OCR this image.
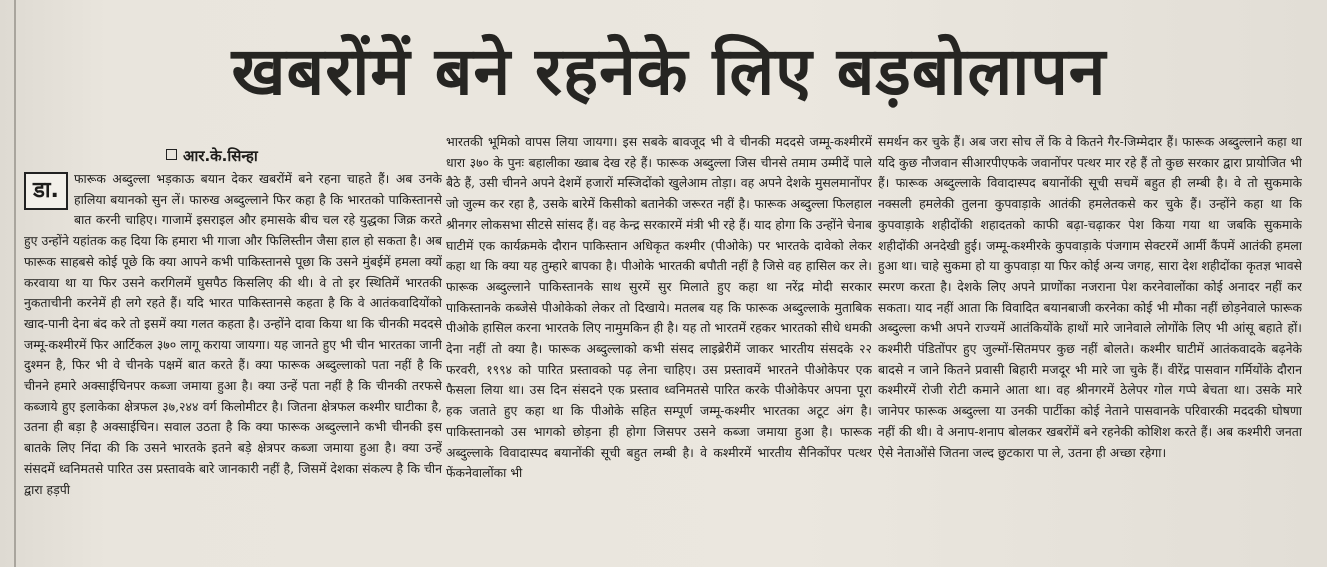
खबरोंमें बने रहनेके लिए बड़बोलापन
आर.के.सिन्हा
डा.	फारूक अब्दुल्ला भड़काऊ बयान देकर खबरोंमें बने रहना चाहते हैं। अब उनके हालिया बयानको सुन लें। फारुख अब्दुल्लाने फिर कहा है कि भारतको पाकिस्तानसे बात करनी चाहिए। गाजामें इसराइल और हमासके बीच चल रहे युद्धका जिक्र करते हुए उन्होंने यहांतक कह दिया कि हमारा भी गाजा और फिलिस्तीन जैसा हाल हो सकता है। अब फारूक साहबसे कोई पूछे कि क्या आपने कभी पाकिस्तानसे पूछा कि उसने मुंबईमें हमला क्यों करवाया था या फिर उसने करगिलमें घुसपैठ किसलिए की थी। वे तो इर स्थितिमें भारतकी नुकताचीनी करनेमें ही लगे रहते हैं। यदि भारत पाकिस्तानसे कहता है कि वे आतंकवादियोंको खाद-पानी देना बंद करे तो इसमें क्या गलत कहता है। उन्होंने दावा किया था कि चीनकी मददसे जम्मू-कश्मीरमें फिर आर्टिकल ३७० लागू कराया जायगा। यह जानते हुए भी चीन भारतका जानी दुश्मन है, फिर भी वे चीनके पक्षमें बात करते हैं। क्या फारूक अब्दुल्लाको पता नहीं है कि चीनने हमारे अक्साईचिनपर कब्जा जमाया हुआ है। क्या उन्हें पता नहीं है कि चीनकी तरफसे कब्जाये हुए इलाकेका क्षेत्रफल ३७,२४४ वर्ग किलोमीटर है। जितना क्षेत्रफल कश्मीर घाटीका है, उतना ही बड़ा है अक्साईचिन। सवाल उठता है कि क्या फारूक अब्दुल्लाने कभी चीनकी इस बातके लिए निंदा की कि उसने भारतके इतने बड़े क्षेत्रपर कब्जा जमाया हुआ है। क्या उन्हें संसदमें ध्वनिमतसे पारित उस प्रस्तावके बारे जानकारी नहीं है, जिसमें देशका संकल्प है कि चीन द्वारा हड़पी

भारतकी भूमिको वापस लिया जायगा। इस सबके बावजूद भी वे चीनकी मददसे जम्मू-कश्मीरमें धारा ३७० के पुनः बहालीका ख्वाब देख रहे हैं। फारूक अब्दुल्ला जिस चीनसे तमाम उम्मीदें पाले बैठे हैं, उसी चीनने अपने देशमें हजारों मस्जिदोंको खुलेआम तोड़ा। वह अपने देशके मुसलमानोंपर जो जुल्म कर रहा है, उसके बारेमें किसीको बतानेकी जरूरत नहीं है। फारूक अब्दुल्ला फिलहाल श्रीनगर लोकसभा सीटसे सांसद हैं। वह केन्द्र सरकारमें मंत्री भी रहे हैं। याद होगा कि उन्होंने चेनाब घाटीमें एक कार्यक्रमके दौरान पाकिस्तान अधिकृत कश्मीर (पीओके) पर भारतके दावेको लेकर कहा था कि क्या यह तुम्हारे बापका है। पीओके भारतकी बपौती नहीं है जिसे वह हासिल कर ले। फारूक अब्दुल्लाने पाकिस्तानके साथ सुरमें सुर मिलाते हुए कहा था नरेंद्र मोदी सरकार पाकिस्तानके कब्जेसे पीओकेको लेकर तो दिखाये। मतलब यह कि फारूक अब्दुल्लाके मुताबिक पीओके हासिल करना भारतके लिए नामुमकिन ही है। यह तो भारतमें रहकर भारतको सीधे धमकी देना नहीं तो क्या है। फारूक अब्दुल्लाको कभी संसद लाइब्रेरीमें जाकर भारतीय संसदके २२ फरवरी, १९९४ को पारित प्रस्तावको पढ़ लेना चाहिए। उस प्रस्तावमें भारतने पीओकेपर एक फैसला लिया था। उस दिन संसदने एक प्रस्ताव ध्वनिमतसे पारित करके पीओकेपर अपना पूरा हक जताते हुए कहा था कि पीओके सहित सम्पूर्ण जम्मू-कश्मीर भारतका अटूट अंग है। पाकिस्तानको उस भागको छोड़ना ही होगा जिसपर उसने कब्जा जमाया हुआ है। फारूक अब्दुल्लाके विवादास्पद बयानोंकी सूची बहुत लम्बी है। वे कश्मीरमें भारतीय सैनिकोंपर पत्थर फेंकनेवालोंका भी

समर्थन कर चुके हैं। अब जरा सोच लें कि वे कितने गैर-जिम्मेदार हैं। फारूक अब्दुल्लाने कहा था यदि कुछ नौजवान सीआरपीएफके जवानोंपर पत्थर मार रहे हैं तो कुछ सरकार द्वारा प्रायोजित भी हैं। फारूक अब्दुल्लाके विवादास्पद बयानोंकी सूची सचमें बहुत ही लम्बी है। वे तो सुकमाके नक्सली हमलेकी तुलना कुपवाड़ाके आतंकी हमलेतकसे कर चुके हैं। उन्होंने कहा था कि कुपवाड़ाके शहीदोंकी शहादतको काफी बढ़ा-चढ़ाकर पेश किया गया था जबकि सुकमाके शहीदोंकी अनदेखी हुई। जम्मू-कश्मीरके कुपवाड़ाके पंजगाम सेक्टरमें आर्मी कैंपमें आतंकी हमला हुआ था। चाहे सुकमा हो या कुपवाड़ा या फिर कोई अन्य जगह, सारा देश शहीदोंका कृतज्ञ भावसे स्मरण करता है। देशके लिए अपने प्राणोंका नजराना पेश करनेवालोंका कोई अनादर नहीं कर सकता। याद नहीं आता कि विवादित बयानबाजी करनेका कोई भी मौका नहीं छोड़नेवाले फारूक अब्दुल्ला कभी अपने राज्यमें आतंकियोंके हाथों मारे जानेवाले लोगोंके लिए भी आंसू बहाते हों। कश्मीरी पंडितोंपर हुए जुल्मों-सितमपर कुछ नहीं बोलते। कश्मीर घाटीमें आतंकवादके बढ़नेके बादसे न जाने कितने प्रवासी बिहारी मजदूर भी मारे जा चुके हैं। वीरेंद्र पासवान गर्मियोंके दौरान कश्मीरमें रोजी रोटी कमाने आता था। वह श्रीनगरमें ठेलेपर गोल गप्पे बेचता था। उसके मारे जानेपर फारूक अब्दुल्ला या उनकी पार्टीका कोई नेताने पासवानके परिवारकी मददकी घोषणा नहीं की थी। वे अनाप-शनाप बोलकर खबरोंमें बने रहनेकी कोशिश करते हैं। अब कश्मीरी जनता ऐसे नेताओंसे जितना जल्द छुटकारा पा ले, उतना ही अच्छा रहेगा।
